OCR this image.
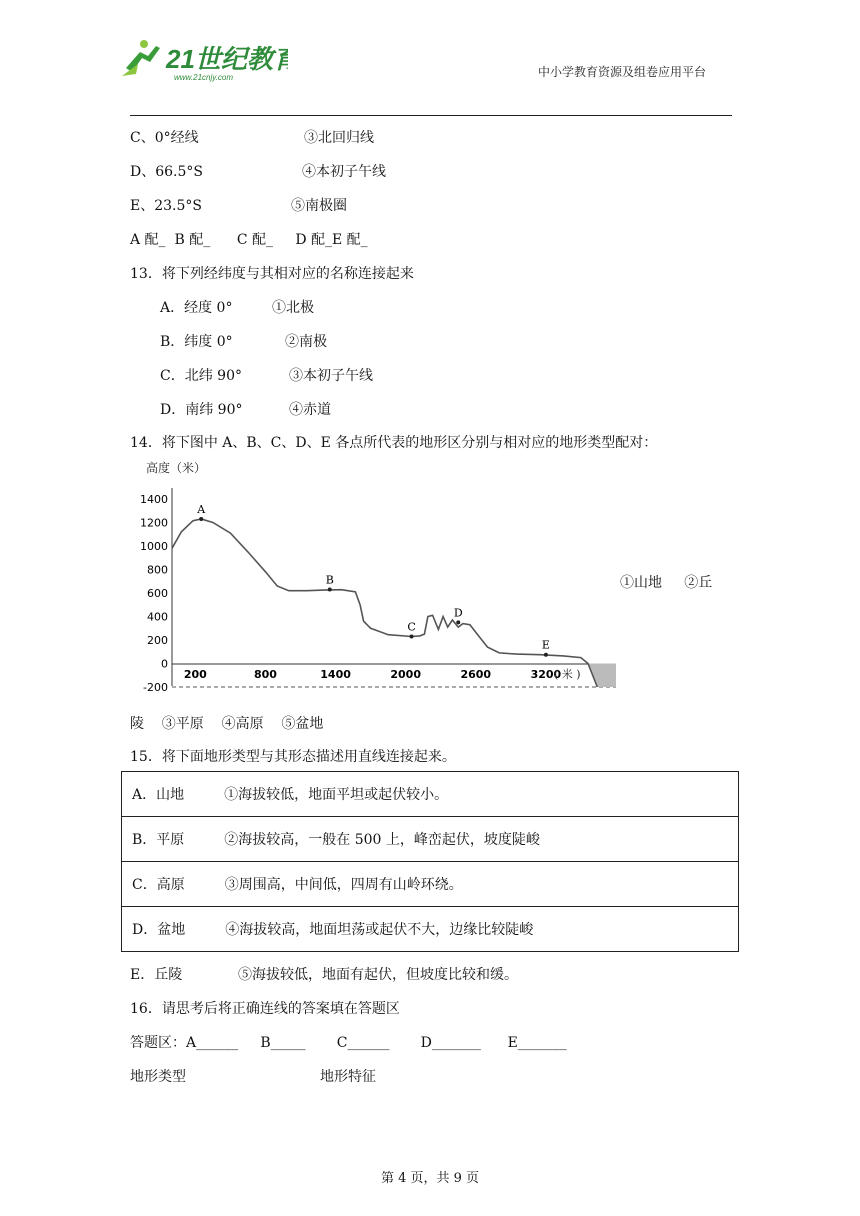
21世纪教育
www.21cnjy.com	中小学教育资源及组卷应用平台
C、0°经线	③北回归线
D、66.5°S	④本初子午线
E、23.5°S	⑤南极圈
A 配_  B 配_      C 配_     D 配_E 配_
13．将下列经纬度与其相对应的名称连接起来
A．经度 0°	①北极
B．纬度 0°	②南极
C．北纬 90°	③本初子午线
D．南纬 90°	④赤道
14．将下图中 A、B、C、D、E 各点所代表的地形区分别与相对应的地形类型配对：
高度（米）
1400
1200
1000
800
600
400
200
0
-200
200	800	1400	2000	2600	3200
A
B
C
D
E
( 米 )
①山地     ②丘
陵    ③平原    ④高原    ⑤盆地
15．将下面地形类型与其形态描述用直线连接起来。
A．山地	①海拔较低，地面平坦或起伏较小。
B．平原	②海拔较高，一般在 500 上，峰峦起伏，坡度陡峻
C．高原	③周围高，中间低，四周有山岭环绕。
D．盆地	④海拔较高，地面坦荡或起伏不大，边缘比较陡峻
E．丘陵	⑤海拔较低，地面有起伏，但坡度比较和缓。
16．请思考后将正确连线的答案填在答题区
答题区：A______     B_____       C______       D_______      E_______
地形类型	地形特征
第 4 页，共 9 页
